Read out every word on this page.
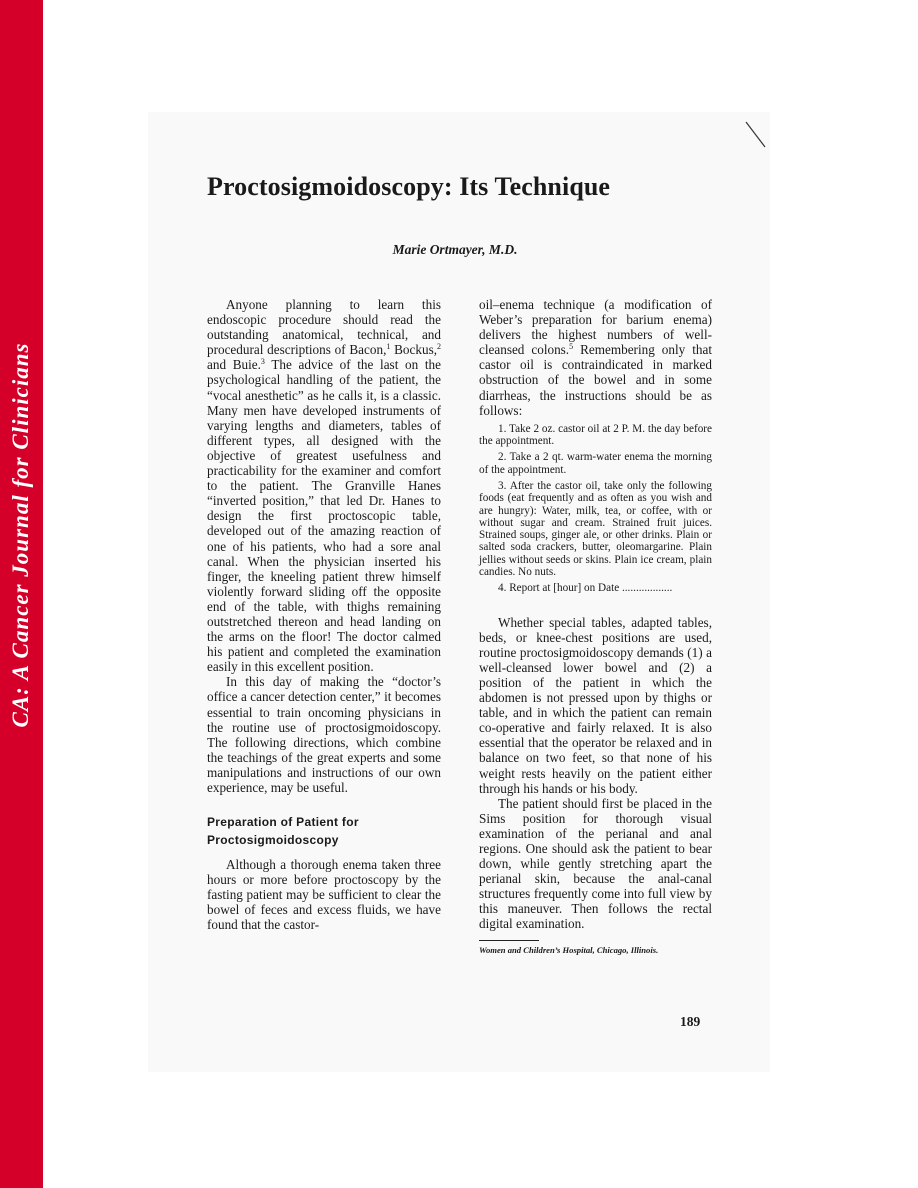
CA: A Cancer Journal for Clinicians
Proctosigmoidoscopy: Its Technique

Marie Ortmayer, M.D.

Anyone planning to learn this endoscopic procedure should read the outstanding anatomical, technical, and procedural descriptions of Bacon,$^1$ Bockus,$^2$ and Buie.$^3$ The advice of the last on the psychological handling of the patient, the “vocal anesthetic” as he calls it, is a classic. Many men have developed instruments of varying lengths and diameters, tables of different types, all designed with the objective of greatest usefulness and practicability for the examiner and comfort to the patient. The Granville Hanes “inverted position,” that led Dr. Hanes to design the first proctoscopic table, developed out of the amazing reaction of one of his patients, who had a sore anal canal. When the physician inserted his finger, the kneeling patient threw himself violently forward sliding off the opposite end of the table, with thighs remaining outstretched thereon and head landing on the arms on the floor! The doctor calmed his patient and completed the examination easily in this excellent position.

In this day of making the “doctor’s office a cancer detection center,” it becomes essential to train oncoming physicians in the routine use of proctosigmoidoscopy. The following directions, which combine the teachings of the great experts and some manipulations and instructions of our own experience, may be useful.

Preparation of Patient for Proctosigmoidoscopy

Although a thorough enema taken three hours or more before proctoscopy by the fasting patient may be sufficient to clear the bowel of feces and excess fluids, we have found that the castor-

oil–enema technique (a modification of Weber’s preparation for barium enema) delivers the highest numbers of well-cleansed colons.$^5$ Remembering only that castor oil is contraindicated in marked obstruction of the bowel and in some diarrheas, the instructions should be as follows:

1. Take 2 oz. castor oil at 2 P. M. the day before the appointment.
2. Take a 2 qt. warm-water enema the morning of the appointment.
3. After the castor oil, take only the following foods (eat frequently and as often as you wish and are hungry): Water, milk, tea, or coffee, with or without sugar and cream. Strained fruit juices. Strained soups, ginger ale, or other drinks. Plain or salted soda crackers, butter, oleomargarine. Plain jellies without seeds or skins. Plain ice cream, plain candies. No nuts.
4. Report at [hour] on Date ..................

Whether special tables, adapted tables, beds, or knee-chest positions are used, routine proctosigmoidoscopy demands (1) a well-cleansed lower bowel and (2) a position of the patient in which the abdomen is not pressed upon by thighs or table, and in which the patient can remain co-operative and fairly relaxed. It is also essential that the operator be relaxed and in balance on two feet, so that none of his weight rests heavily on the patient either through his hands or his body.

The patient should first be placed in the Sims position for thorough visual examination of the perianal and anal regions. One should ask the patient to bear down, while gently stretching apart the perianal skin, because the anal-canal structures frequently come into full view by this maneuver. Then follows the rectal digital examination.

Women and Children’s Hospital, Chicago, Illinois.

189
